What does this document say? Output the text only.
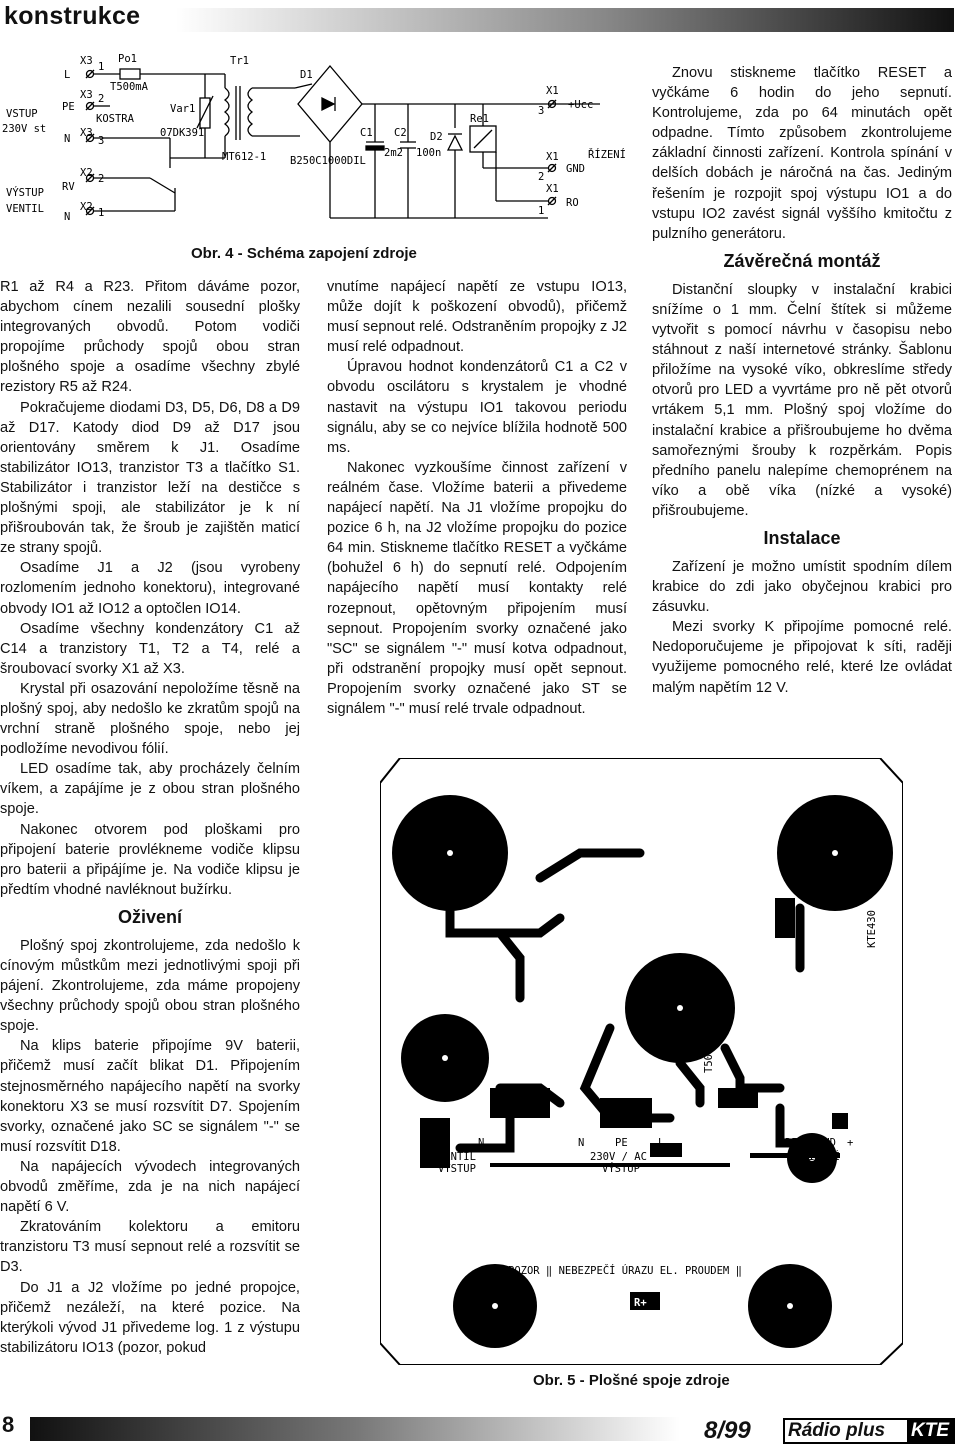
konstrukce
VSTUP
230V st
VÝSTUP
VENTIL
L
PE
N
RV
N
X3
X3
X3
X2
X2
1
2
3
2
1
Po1
T500mA
KOSTRA
Var1
07DK391
Tr1
MT612-1
D1
B250C1000DIL
C1 C2
2m2 100n
D2
Re1
X1
X1
X1
3
2
1
+Ucc
GND
RO
ŘÍZENÍ
Obr. 4 - Schéma zapojení zdroje

R1 až R4 a R23. Přitom dáváme pozor, abychom cínem nezalili sousední plošky integrovaných obvodů. Potom vodiči propojíme průchody spojů obou stran plošného spoje a osadíme všechny zbylé rezistory R5 až R24.

Pokračujeme diodami D3, D5, D6, D8 a D9 až D17. Katody diod D9 až D17 jsou orientovány směrem k J1. Osadíme stabilizátor IO13, tranzistor T3 a tlačítko S1. Stabilizátor i tranzistor leží na destičce s plošnými spoji, ale stabilizátor je k ní přišroubován tak, že šroub je zajištěn maticí ze strany spojů.

Osadíme J1 a J2 (jsou vyrobeny rozlomením jednoho konektoru), integrované obvody IO1 až IO12 a optočlen IO14.

Osadíme všechny kondenzátory C1 až C14 a tranzistory T1, T2 a T4, relé a šroubovací svorky X1 až X3.

Krystal při osazování nepoložíme těsně na plošný spoj, aby nedošlo ke zkratům spojů na vrchní straně plošného spoje, nebo jej podložíme nevodivou fólií.

LED osadíme tak, aby procházely čelním víkem, a zapájíme je z obou stran plošného spoje.

Nakonec otvorem pod ploškami pro připojení baterie provlékneme vodiče klipsu pro baterii a připájíme je. Na vodiče klipsu je předtím vhodné navléknout bužírku.

Oživení

Plošný spoj zkontrolujeme, zda nedošlo k cínovým můstkům mezi jednotlivými spoji při pájení. Zkontrolujeme, zda máme propojeny všechny průchody spojů obou stran plošného spoje.

Na klips baterie připojíme 9V baterii, přičemž musí začít blikat D1. Připojením stejnosměrného napájecího napětí na svorky konektoru X3 se musí rozsvítit D7. Spojením svorky, označené jako SC se signálem "-" se musí rozsvítit D18.

Na napájecích vývodech integrovaných obvodů změříme, zda je na nich napájecí napětí 6 V.

Zkratováním kolektoru a emitoru tranzistoru T3 musí sepnout relé a rozsvítit se D3.

Do J1 a J2 vložíme po jedné propojce, přičemž nezáleží, na které pozice. Na kterýkoli vývod J1 přivedeme log. 1 z výstupu stabilizátoru IO13 (pozor, pokud

vnutíme napájecí napětí ze vstupu IO13, může dojít k poškození obvodů), přičemž musí sepnout relé. Odstraněním propojky z J2 musí relé odpadnout.

Úpravou hodnot kondenzátorů C1 a C2 v obvodu oscilátoru s krystalem je vhodné nastavit na výstupu IO1 takovou periodu signálu, aby se co nejvíce blížila hodnotě 500 ms.

Nakonec vyzkoušíme činnost zařízení v reálném čase. Vložíme baterii a přivedeme napájecí napětí. Na J1 vložíme propojku do pozice 6 h, na J2 vložíme propojku do pozice 64 min. Stiskneme tlačítko RESET a vyčkáme (bohužel 6 h) do sepnutí relé. Odpojením napájecího napětí musí kontakty relé rozepnout, opětovným připojením musí sepnout. Propojením svorky označené jako "SC" se signálem "-" musí kotva odpadnout, při odstranění propojky musí opět sepnout. Propojením svorky označené jako ST se signálem "-" musí relé trvale odpadnout.

Znovu stiskneme tlačítko RESET a vyčkáme 6 hodin do jeho sepnutí. Kontrolujeme, zda po 64 minutách opět odpadne. Tímto způsobem zkontrolujeme základní činnosti zařízení. Kontrola spínání v delších dobách je náročná na čas. Jediným řešením je rozpojit spoj výstupu IO1 a do vstupu IO2 zavést signál vyššího kmitočtu z pulzního generátoru.

Závěrečná montáž

Distanční sloupky v instalační krabici snížíme o 1 mm. Čelní štítek si můžeme vytvořit s pomocí návrhu v časopisu nebo stáhnout z naší internetové stránky. Šablonu přiložíme na vysoké víko, obkreslíme středy otvorů pro LED a vyvrtáme pro ně pět otvorů vrtákem 5,1 mm. Plošný spoj vložíme do instalační krabice a přišroubujeme ho dvěma samořeznými šrouby k rozpěrkám. Popis předního panelu nalepíme chemoprénem na víko a obě víka (nízké a vysoké) přišroubujeme.

Instalace

Zařízení je možno umístit spodním dílem krabice do zdi jako obyčejnou krabici pro zásuvku.

Mezi svorky K připojíme pomocné relé. Nedoporučujeme je připojovat k síti, raději využijeme pomocného relé, které lze ovládat malým napětím 12 V.

KTE430
T500mA
RV	N
VENTIL
VÝSTUP
N	PE	L
230V / AC
VÝSTUP
REO GND +
ŘÍZENÍ
POZOR ‖ NEBEZPEČÍ ÚRAZU EL. PROUDEM ‖
R+
Obr. 5 - Plošné spoje zdroje
8	8/99 Rádio plus KTE
